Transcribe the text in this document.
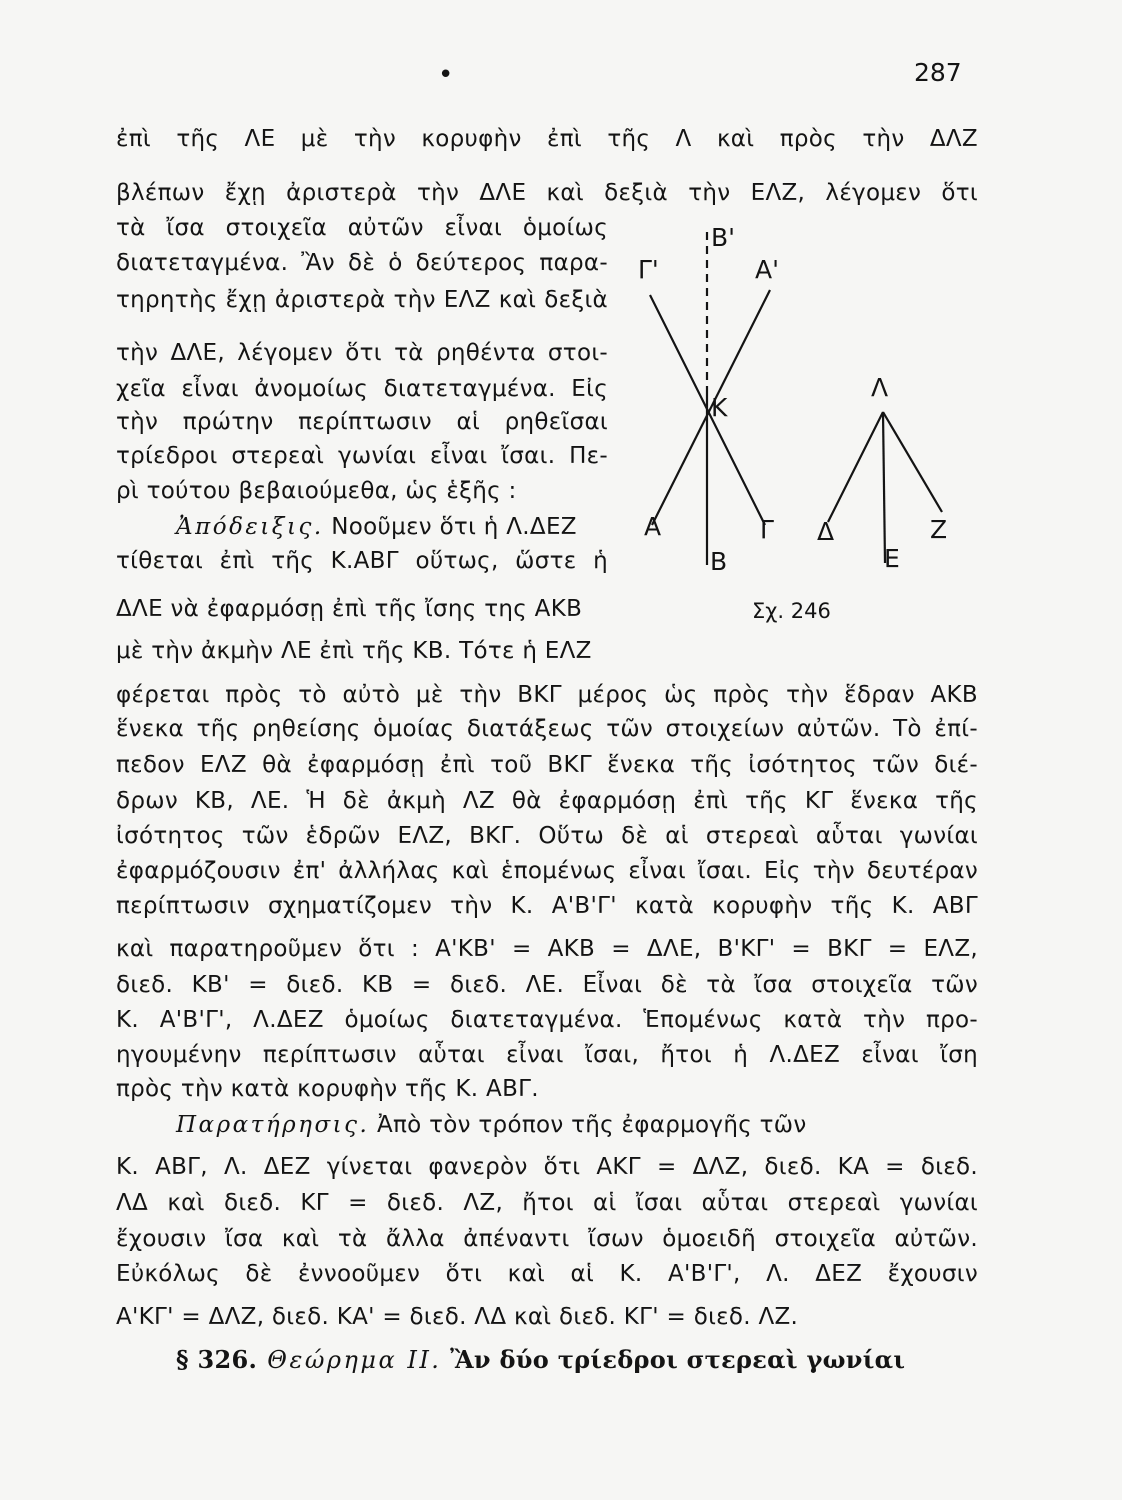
•	287
ἐπὶ τῆς ΛΕ μὲ τὴν κορυφὴν ἐπὶ τῆς Λ καὶ πρὸς τὴν ΔΛΖ
βλέπων ἔχῃ ἀριστερὰ τὴν ΔΛΕ καὶ δεξιὰ τὴν ΕΛΖ, λέγομεν ὅτι
τὰ ἴσα στοιχεῖα αὐτῶν εἶναι ὁμοίως
διατεταγμένα. Ἂν δὲ ὁ δεύτερος παρα-
τηρητὴς ἔχῃ ἀριστερὰ τὴν ΕΛΖ καὶ δεξιὰ
τὴν ΔΛΕ, λέγομεν ὅτι τὰ ρηθέντα στοι-
χεῖα εἶναι ἀνομοίως διατεταγμένα. Εἰς
τὴν πρώτην περίπτωσιν αἱ ρηθεῖσαι
τρίεδροι στερεαὶ γωνίαι εἶναι ἴσαι. Πε-
ρὶ τούτου βεβαιούμεθα, ὡς ἑξῆς :
Ἀπόδειξις. Νοοῦμεν ὅτι ἡ Λ.ΔΕΖ
τίθεται ἐπὶ τῆς Κ.ΑΒΓ οὕτως, ὥστε ἡ
ΔΛΕ νὰ ἐφαρμόσῃ ἐπὶ τῆς ἴσης της ΑΚΒ
μὲ τὴν ἀκμὴν ΛΕ ἐπὶ τῆς ΚΒ. Τότε ἡ ΕΛΖ
φέρεται πρὸς τὸ αὐτὸ μὲ τὴν ΒΚΓ μέρος ὡς πρὸς τὴν ἕδραν ΑΚΒ
ἕνεκα τῆς ρηθείσης ὁμοίας διατάξεως τῶν στοιχείων αὐτῶν. Τὸ ἐπί-
πεδον ΕΛΖ θὰ ἐφαρμόσῃ ἐπὶ τοῦ ΒΚΓ ἕνεκα τῆς ἰσότητος τῶν διέ-
δρων ΚΒ, ΛΕ. Ἡ δὲ ἀκμὴ ΛΖ θὰ ἐφαρμόσῃ ἐπὶ τῆς ΚΓ ἕνεκα τῆς
ἰσότητος τῶν ἑδρῶν ΕΛΖ, ΒΚΓ. Οὕτω δὲ αἱ στερεαὶ αὗται γωνίαι
ἐφαρμόζουσιν ἐπ' ἀλλήλας καὶ ἑπομένως εἶναι ἴσαι. Εἰς τὴν δευτέραν
περίπτωσιν σχηματίζομεν τὴν Κ. Α'Β'Γ' κατὰ κορυφὴν τῆς Κ. ΑΒΓ
καὶ παρατηροῦμεν ὅτι : Α'ΚΒ' = ΑΚΒ = ΔΛΕ, Β'ΚΓ' = ΒΚΓ = ΕΛΖ,
διεδ. ΚΒ' = διεδ. ΚΒ = διεδ. ΛΕ. Εἶναι δὲ τὰ ἴσα στοιχεῖα τῶν
Κ. Α'Β'Γ', Λ.ΔΕΖ ὁμοίως διατεταγμένα. Ἑπομένως κατὰ τὴν προ-
ηγουμένην περίπτωσιν αὗται εἶναι ἴσαι, ἤτοι ἡ Λ.ΔΕΖ εἶναι ἴση
πρὸς τὴν κατὰ κορυφὴν τῆς Κ. ΑΒΓ.
Παρατήρησις. Ἀπὸ τὸν τρόπον τῆς ἐφαρμογῆς τῶν
Κ. ΑΒΓ, Λ. ΔΕΖ γίνεται φανερὸν ὅτι ΑΚΓ = ΔΛΖ, διεδ. ΚΑ = διεδ.
ΛΔ καὶ διεδ. ΚΓ = διεδ. ΛΖ, ἤτοι αἱ ἴσαι αὗται στερεαὶ γωνίαι
ἔχουσιν ἴσα καὶ τὰ ἄλλα ἀπέναντι ἴσων ὁμοειδῆ στοιχεῖα αὐτῶν.
Εὐκόλως δὲ ἐννοοῦμεν ὅτι καὶ αἱ Κ. Α'Β'Γ', Λ. ΔΕΖ ἔχουσιν
Α'ΚΓ' = ΔΛΖ, διεδ. ΚΑ' = διεδ. ΛΔ καὶ διεδ. ΚΓ' = διεδ. ΛΖ.
§ 326. Θεώρημα ΙΙ. Ἂν δύο τρίεδροι στερεαὶ γωνίαι
Β'
Γ'	Α'
Κ
Λ
Α
Β
Γ Δ
Ε
Ζ
Σχ. 246
